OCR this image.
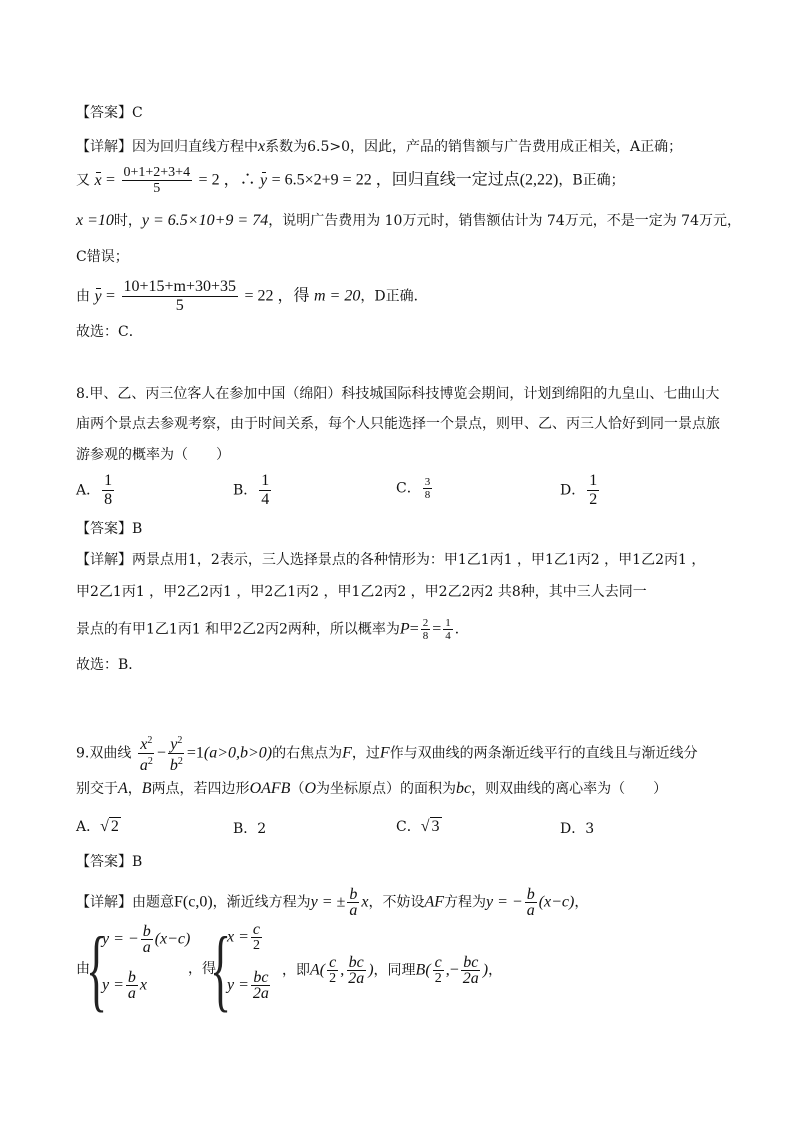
【答案】C
【详解】因为回归直线方程中x系数为6.5>0，因此，产品的销售额与广告费用成正相关，A正确；
又 $x = \frac{0+1+2+3+4}{5} = 2$ ，∴ y = 6.5×2+9 = 22 ，回归直线一定过点(2,22)，B正确；
x =10时，y = 6.5×10+9 = 74，说明广告费用为 10万元时，销售额估计为 74万元，不是一定为 74万元，
C错误；
由 $y = \frac{10+15+m+30+35}{5} = 22$ ，得 m = 20，D正确．
故选：C．
8.甲、乙、丙三位客人在参加中国（绵阳）科技城国际科技博览会期间，计划到绵阳的九皇山、七曲山大
庙两个景点去参观考察，由于时间关系，每个人只能选择一个景点，则甲、乙、丙三人恰好到同一景点旅
游参观的概率为（　　）
A． $\frac{1}{8}$	B． $\frac{1}{4}$	C． $\frac{3}{8}$	D． $\frac{1}{2}$
【答案】B
【详解】两景点用1，2表示，三人选择景点的各种情形为：甲1乙1丙1 ，甲1乙1丙2 ，甲1乙2丙1 ，
甲2乙1丙1 ，甲2乙2丙1 ，甲2乙1丙2 ，甲1乙2丙2 ，甲2乙2丙2 共8种，其中三人去同一
景点的有甲1乙1丙1 和甲2乙2丙2两种，所以概率为$P= \frac{2}{8} = \frac{1}{4}$ ．
故选：B．
9.双曲线 $\frac{x^2}{a^2} - \frac{y^2}{b^2} =1(a>0,b>0)$的右焦点为F，过F作与双曲线的两条渐近线平行的直线且与渐近线分
别交于A，B两点，若四边形OAFB（O为坐标原点）的面积为bc，则双曲线的离心率为（　　）
A．√ 2	B．2	C．√ 3	D．3
【答案】B
【详解】由题意F(c,0)，渐近线方程为y = ± $\frac{b}{a}$ x，不妨设AF方程为y = − $\frac{b}{a} (x-c)$，
由
{
y = − $\frac{b}{a} (x-c)$
$y = \frac{b}{a}$ x
，得
{
$x = \frac{c}{2}$
$y = \frac{bc}{2a}$ ，即$A( \frac{c}{2}$ , $\frac{bc}{2a}$ )，同理$B( \frac{c}{2}$ ,− $\frac{bc}{2a}$ )，
